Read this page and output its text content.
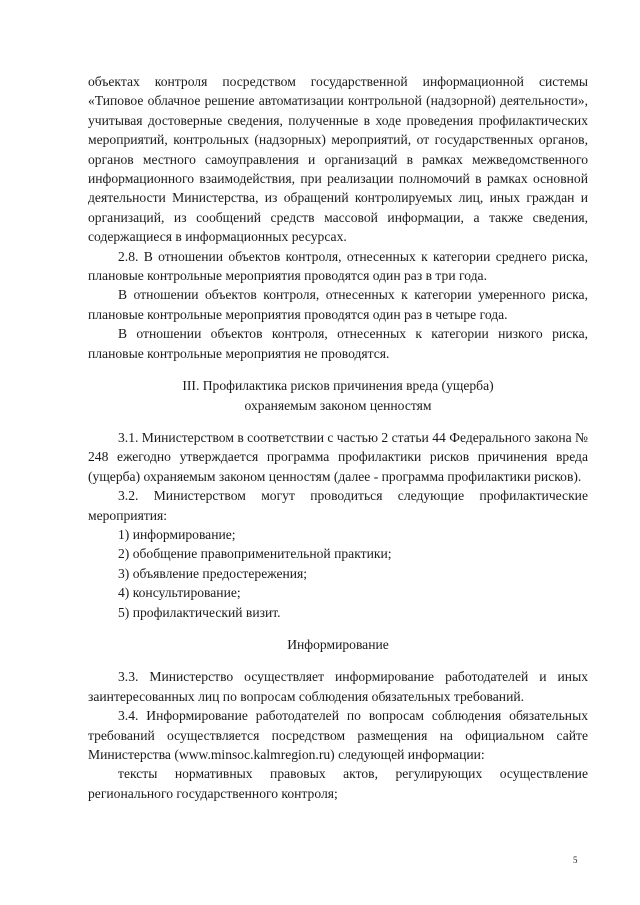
объектах контроля посредством государственной информационной системы «Типовое облачное решение автоматизации контрольной (надзорной) деятельности», учитывая достоверные сведения, полученные в ходе проведения профилактических мероприятий, контрольных (надзорных) мероприятий, от государственных органов, органов местного самоуправления и организаций в рамках межведомственного информационного взаимодействия, при реализации полномочий в рамках основной деятельности Министерства, из обращений контролируемых лиц, иных граждан и организаций, из сообщений средств массовой информации, а также сведения, содержащиеся в информационных ресурсах.

2.8. В отношении объектов контроля, отнесенных к категории среднего риска, плановые контрольные мероприятия проводятся один раз в три года.

В отношении объектов контроля, отнесенных к категории умеренного риска, плановые контрольные мероприятия проводятся один раз в четыре года.

В отношении объектов контроля, отнесенных к категории низкого риска, плановые контрольные мероприятия не проводятся.

III. Профилактика рисков причинения вреда (ущерба)
охраняемым законом ценностям

3.1. Министерством в соответствии с частью 2 статьи 44 Федерального закона № 248 ежегодно утверждается программа профилактики рисков причинения вреда (ущерба) охраняемым законом ценностям (далее - программа профилактики рисков).

3.2. Министерством могут проводиться следующие профилактические мероприятия:

1) информирование;

2) обобщение правоприменительной практики;

3) объявление предостережения;

4) консультирование;

5) профилактический визит.

Информирование

3.3. Министерство осуществляет информирование работодателей и иных заинтересованных лиц по вопросам соблюдения обязательных требований.

3.4. Информирование работодателей по вопросам соблюдения обязательных требований осуществляется посредством размещения на официальном сайте Министерства (www.minsoc.kalmregion.ru) следующей информации:

тексты нормативных правовых актов, регулирующих осуществление регионального государственного контроля;

5
